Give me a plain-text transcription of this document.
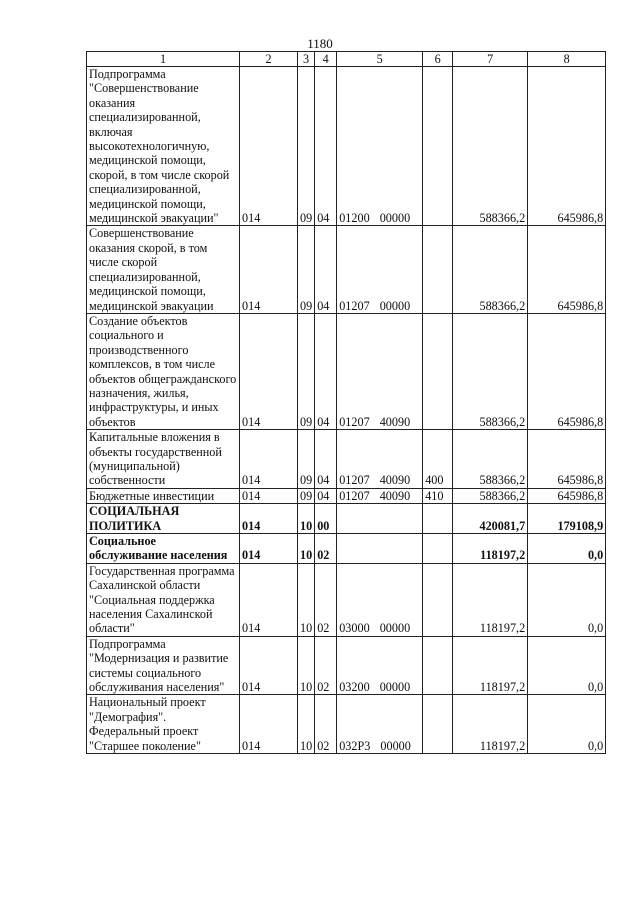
1180
1	2	3	4	5	6	7	8
Подпрограмма "Совершенствование оказания специализированной, включая высокотехнологичную, медицинской помощи, скорой, в том числе скорой специализированной, медицинской помощи, медицинской эвакуации"	014	09	04	01200 00000		588366,2	645986,8
Совершенствование оказания скорой, в том числе скорой специализированной, медицинской помощи, медицинской эвакуации	014	09	04	01207 00000		588366,2	645986,8
Создание объектов социального и производственного комплексов, в том числе объектов общегражданского назначения, жилья, инфраструктуры, и иных объектов	014	09	04	01207 40090		588366,2	645986,8
Капитальные вложения в объекты государственной (муниципальной) собственности	014	09	04	01207 40090	400	588366,2	645986,8
Бюджетные инвестиции	014	09	04	01207 40090	410	588366,2	645986,8
СОЦИАЛЬНАЯ ПОЛИТИКА	014	10	00			420081,7	179108,9
Социальное обслуживание населения	014	10	02			118197,2	0,0
Государственная программа Сахалинской области "Социальная поддержка населения Сахалинской области"	014	10	02	03000 00000		118197,2	0,0
Подпрограмма "Модернизация и развитие системы социального обслуживания населения"	014	10	02	03200 00000		118197,2	0,0
Национальный проект "Демография". Федеральный проект "Старшее поколение"	014	10	02	032Р3 00000		118197,2	0,0
